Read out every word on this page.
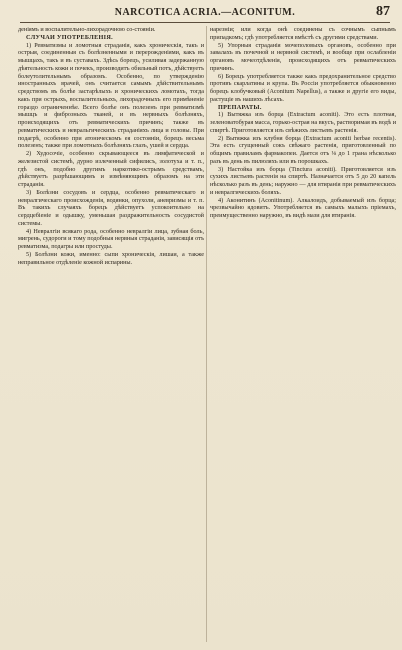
NARCOTICA ACRIA.—ACONITUM.	87

деніямъ и воспалительно-лихорадочною со-стояніи.

СЛУЧАИ УПОТРЕБЛЕНІЯ.

1) Ревматизмы и ломотныя страданія, какъ хроническія, такъ и острыя, соединенныя съ болѣзненными и перерожденіями, какъ въ мышцахъ, такъ и въ суставахъ. Здѣсь борецъ, усиливая задержанную дѣятельность кожи и почекъ, производитъ обильный потъ, дѣйствуетъ болеутолительнымъ образомъ. Особенно, по утвержденію иностранныхъ врачей, онъ считается самымъ дѣйствительнымъ средствомъ въ болѣе застарѣлыхъ и хроническихъ ломотахъ, тогда какъ при острыхъ, воспалительныхъ, лихорадочныхъ его примѣненіе гораздо ограниченнѣе. Всего болѣе онъ полезенъ при ревматизмѣ мышцъ и фиброзныхъ тканей, и въ нервныхъ болѣзняхъ, происходящихъ отъ ревматическихъ причинъ; также въ ревматическихъ и невральгическихъ страданіяхъ лица и головы. При подагрѣ, особенно при атоническомъ ея состояніи, борецъ весьма полезенъ; также при ломотныхъ болѣзняхъ глазъ, ушей и сердца.

2) Худосочіе, особенно скрывающееся въ лимфатической и железистой системѣ, дурно излеченный сифилисъ, золотуха и т. п., гдѣ онъ, подобно другимъ наркотико-острымъ средствамъ, дѣйствуетъ разрѣшающимъ и измѣняющимъ образомъ на эти страданія.

3) Болѣзни сосудовъ и сердца, особенно ревматическаго и невралгическаго происхожденія, водянки, опухоли, аневризмы и т. п. Въ такихъ случаяхъ борецъ дѣйствуетъ успокоительно на сердцебіеніе и одышку, уменьшая раздражительность сосудистой системы.

4) Невралгіи всякаго рода, особенно невралгіи лица, зубная боль, мигрень, судороги и тому подобныя нервныя страданія, зависящія отъ ревматизма, подагры или простуды.

5) Болѣзни кожи, именно: сыпи хроническія, лишаи, а также неправильное отдѣленіе кожной испарины.

нарезніи; или когда онѣ соединены съ сочнымъ сыпнымъ припадкомъ; гдѣ употребляется вмѣстѣ съ другими средствами.

5) Упорныя страданія мочеполовыхъ органовъ, особенно при завалахъ въ почечной и нервной системѣ, и вообще при ослабленіи органовъ мочеотдѣленія, происходящихъ отъ ревматическихъ причинъ.

6) Борецъ употребляется также какъ предохранительное средство противъ скарлатины и крупа. Въ Россіи употребляется обыкновенно борецъ клобучковый (Aconitum Napellus), а также и другіе его виды, растущіе въ нашихъ лѣсахъ.

ПРЕПАРАТЫ.

1) Вытяжка изъ борца (Extractum aconiti). Это есть плотная, зеленоватобурая масса, горько-острая на вкусъ, растворимая въ водѣ и спиртѣ. Приготовляется изъ свѣжихъ листьевъ растенія.

2) Вытяжка изъ клубня борца (Extractum aconiti herbae recentis). Эта есть сгущенный сокъ свѣжаго растенія, приготовленный по общимъ правиламъ фармакопеи. Дается отъ ⅛ до 1 грана нѣсколько разъ въ день въ пилюляхъ или въ порошкахъ.

3) Настойка изъ борца (Tinctura aconiti). Приготовляется изъ сухихъ листьевъ растенія на спиртѣ. Назначается отъ 5 до 20 капель нѣсколько разъ въ день; наружно — для втиранія при ревматическихъ и невралгическихъ боляхъ.

4) Аконитинъ (Aconitinum). Алкалоидъ, добываемый изъ борца; чрезвычайно ядовитъ. Употребляется въ самыхъ малыхъ пріемахъ, преимущественно наружно, въ видѣ мази для втиранія.
